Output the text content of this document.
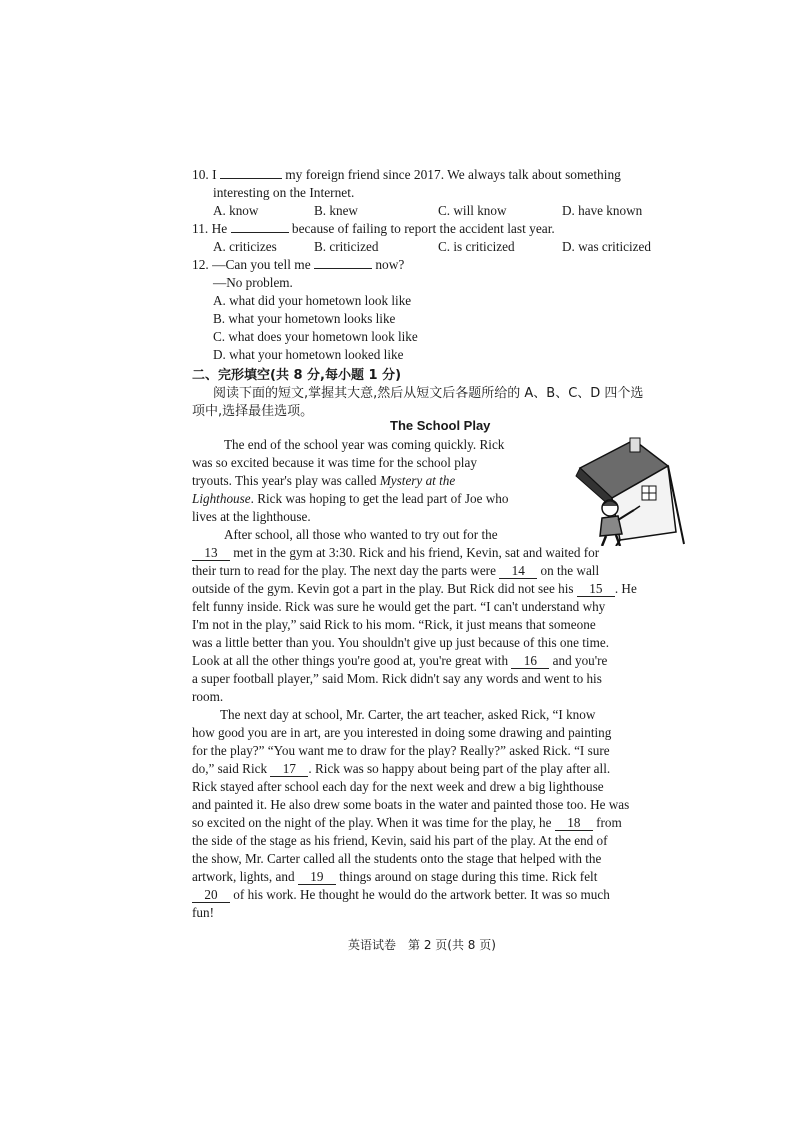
10. I	my foreign friend since 2017. We always talk about something
interesting on the Internet.
A. know	B. knew	C. will know	D. have known
11. He	because of failing to report the accident last year.
A. criticizes	B. criticized	C. is criticized	D. was criticized
12. —Can you tell me	now?
—No problem.
A. what did your hometown look like
B. what your hometown looks like
C. what does your hometown look like
D. what your hometown looked like
二、完形填空(共 8 分,每小题 1 分)
阅读下面的短文,掌握其大意,然后从短文后各题所给的 A、B、C、D 四个选
项中,选择最佳选项。
The School Play
The end of the school year was coming quickly. Rick
was so excited because it was time for the school play
tryouts. This year's play was called Mystery at the
Lighthouse. Rick was hoping to get the lead part of Joe who
lives at the lighthouse.
After school, all those who wanted to try out for the
13 met in the gym at 3:30. Rick and his friend, Kevin, sat and waited for
their turn to read for the play. The next day the parts were 14 on the wall
outside of the gym. Kevin got a part in the play. But Rick did not see his 15 . He
felt funny inside. Rick was sure he would get the part. “I can't understand why
I'm not in the play,” said Rick to his mom. “Rick, it just means that someone
was a little better than you. You shouldn't give up just because of this one time.
Look at all the other things you're good at, you're great with 16 and you're
a super football player,” said Mom. Rick didn't say any words and went to his
room.
The next day at school, Mr. Carter, the art teacher, asked Rick, “I know
how good you are in art, are you interested in doing some drawing and painting
for the play?” “You want me to draw for the play? Really?” asked Rick. “I sure
do,” said Rick 17 . Rick was so happy about being part of the play after all.
Rick stayed after school each day for the next week and drew a big lighthouse
and painted it. He also drew some boats in the water and painted those too. He was
so excited on the night of the play. When it was time for the play, he 18 from
the side of the stage as his friend, Kevin, said his part of the play. At the end of
the show, Mr. Carter called all the students onto the stage that helped with the
artwork, lights, and 19 things around on stage during this time. Rick felt
20 of his work. He thought he would do the artwork better. It was so much
fun!
英语试卷　第 2 页(共 8 页)
